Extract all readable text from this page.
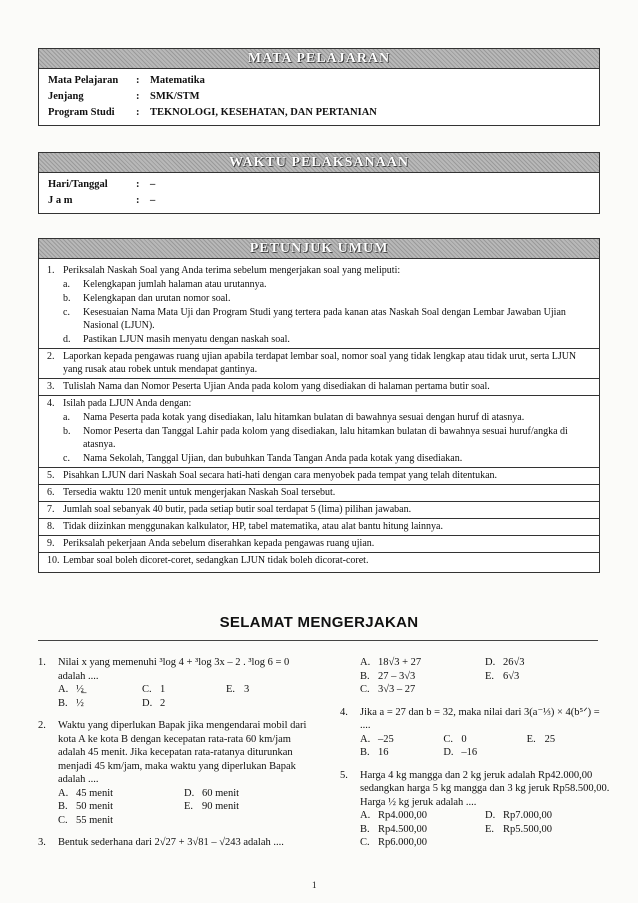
MATA PELAJARAN
Mata Pelajaran	:	Matematika
Jenjang	:	SMK/STM
Program Studi	:	TEKNOLOGI, KESEHATAN, DAN PERTANIAN
WAKTU PELAKSANAAN
Hari/Tanggal	:	–
J a m	:	–
PETUNJUK UMUM
1. Periksalah Naskah Soal yang Anda terima sebelum mengerjakan soal yang meliputi:
a.	Kelengkapan jumlah halaman atau urutannya.
b.	Kelengkapan dan urutan nomor soal.
c.	Kesesuaian Nama Mata Uji dan Program Studi yang tertera pada kanan atas Naskah Soal dengan Lembar Jawaban Ujian Nasional (LJUN).
d.	Pastikan LJUN masih menyatu dengan naskah soal.
2. Laporkan kepada pengawas ruang ujian apabila terdapat lembar soal, nomor soal yang tidak lengkap atau tidak urut, serta LJUN yang rusak atau robek untuk mendapat gantinya.
3. Tulislah Nama dan Nomor Peserta Ujian Anda pada kolom yang disediakan di halaman pertama butir soal.
4. Isilah pada LJUN Anda dengan:
a.	Nama Peserta pada kotak yang disediakan, lalu hitamkan bulatan di bawahnya sesuai dengan huruf di atasnya.
b.	Nomor Peserta dan Tanggal Lahir pada kolom yang disediakan, lalu hitamkan bulatan di bawahnya sesuai huruf/angka di atasnya.
c.	Nama Sekolah, Tanggal Ujian, dan bubuhkan Tanda Tangan Anda pada kotak yang disediakan.
5. Pisahkan LJUN dari Naskah Soal secara hati-hati dengan cara menyobek pada tempat yang telah ditentukan.
6. Tersedia waktu 120 menit untuk mengerjakan Naskah Soal tersebut.
7. Jumlah soal sebanyak 40 butir, pada setiap butir soal terdapat 5 (lima) pilihan jawaban.
8. Tidak diizinkan menggunakan kalkulator, HP, tabel matematika, atau alat bantu hitung lainnya.
9. Periksalah pekerjaan Anda sebelum diserahkan kepada pengawas ruang ujian.
10. Lembar soal boleh dicoret-coret, sedangkan LJUN tidak boleh dicorat-coret.
SELAMAT MENGERJAKAN
1.	Nilai x yang memenuhi ³log 4 + ³log 3x – 2 . ³log 6 = 0 adalah ....
A. ½̲	C. 1	E. 3
B. ½	D. 2
2.	Waktu yang diperlukan Bapak jika mengendarai mobil dari kota A ke kota B dengan kecepatan rata-rata 60 km/jam adalah 45 menit. Jika kecepatan rata-ratanya diturunkan menjadi 45 km/jam, maka waktu yang diperlukan Bapak adalah ....
A. 45 menit	D. 60 menit
B. 50 menit	E. 90 menit
C. 55 menit
3.	Bentuk sederhana dari 2√27 + 3√81 – √243 adalah ....
A. 18√3 + 27	D. 26√3
B. 27 – 3√3	E. 6√3
C. 3√3 – 27
4.	Jika a = 27 dan b = 32, maka nilai dari 3(a⁻⅓) × 4(b⁵ᐟ) = ....
A. –25	C. 0	E. 25
B. 16	D. –16
5.	Harga 4 kg mangga dan 2 kg jeruk adalah Rp42.000,00 sedangkan harga 5 kg mangga dan 3 kg jeruk Rp58.500,00. Harga ½ kg jeruk adalah ....
A. Rp4.000,00	D. Rp7.000,00
B. Rp4.500,00	E. Rp5.500,00
C. Rp6.000,00
1
